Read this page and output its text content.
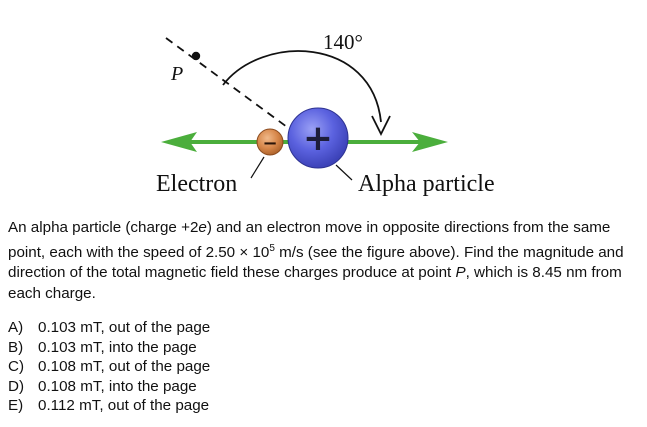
P
140°
+
−
Electron	Alpha particle

An alpha particle (charge +2e) and an electron move in opposite directions from the same point, each with the speed of $2.50 \times 10^5$ m/s (see the figure above). Find the magnitude and direction of the total magnetic field these charges produce at point P, which is 8.45 nm from each charge.

A) 0.103 mT, out of the page
B) 0.103 mT, into the page
C) 0.108 mT, out of the page
D) 0.108 mT, into the page
E) 0.112 mT, out of the page
